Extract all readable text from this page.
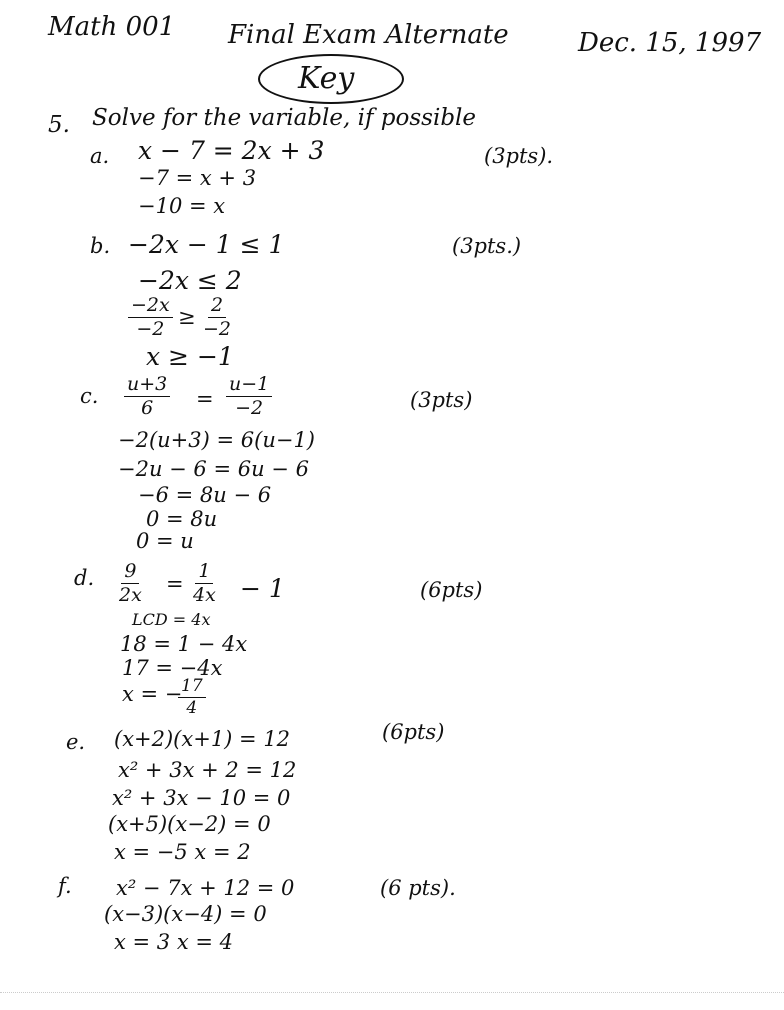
Math 001 Final Exam Alternate	Dec. 15, 1997
Key
5. Solve for the variable, if possible
a. x − 7 = 2x + 3	(3pts).
−7 = x + 3
−10 = x
b. −2x − 1 ≤ 1	(3pts.)
−2x ≤ 2
$\frac{-2x}{-2} \ge \frac{2}{-2}$
x ≥ −1
c. $\frac{u+3}{6} = \frac{u-1}{-2}$	(3pts)
−2(u+3) = 6(u−1)
−2u − 6 = 6u − 6
−6 = 8u − 6
0 = 8u
0 = u
d. $\frac{9}{2x} = \frac{1}{4x} - 1$	(6pts)
LCD = 4x
18 = 1 − 4x
17 = −4x
x = −
$\frac{17}{4}$
e. (x+2)(x+1) = 12	(6pts)
x² + 3x + 2 = 12
x² + 3x − 10 = 0
(x+5)(x−2) = 0
x = −5 x = 2
f. x² − 7x + 12 = 0	(6 pts).
(x−3)(x−4) = 0
x = 3 x = 4
